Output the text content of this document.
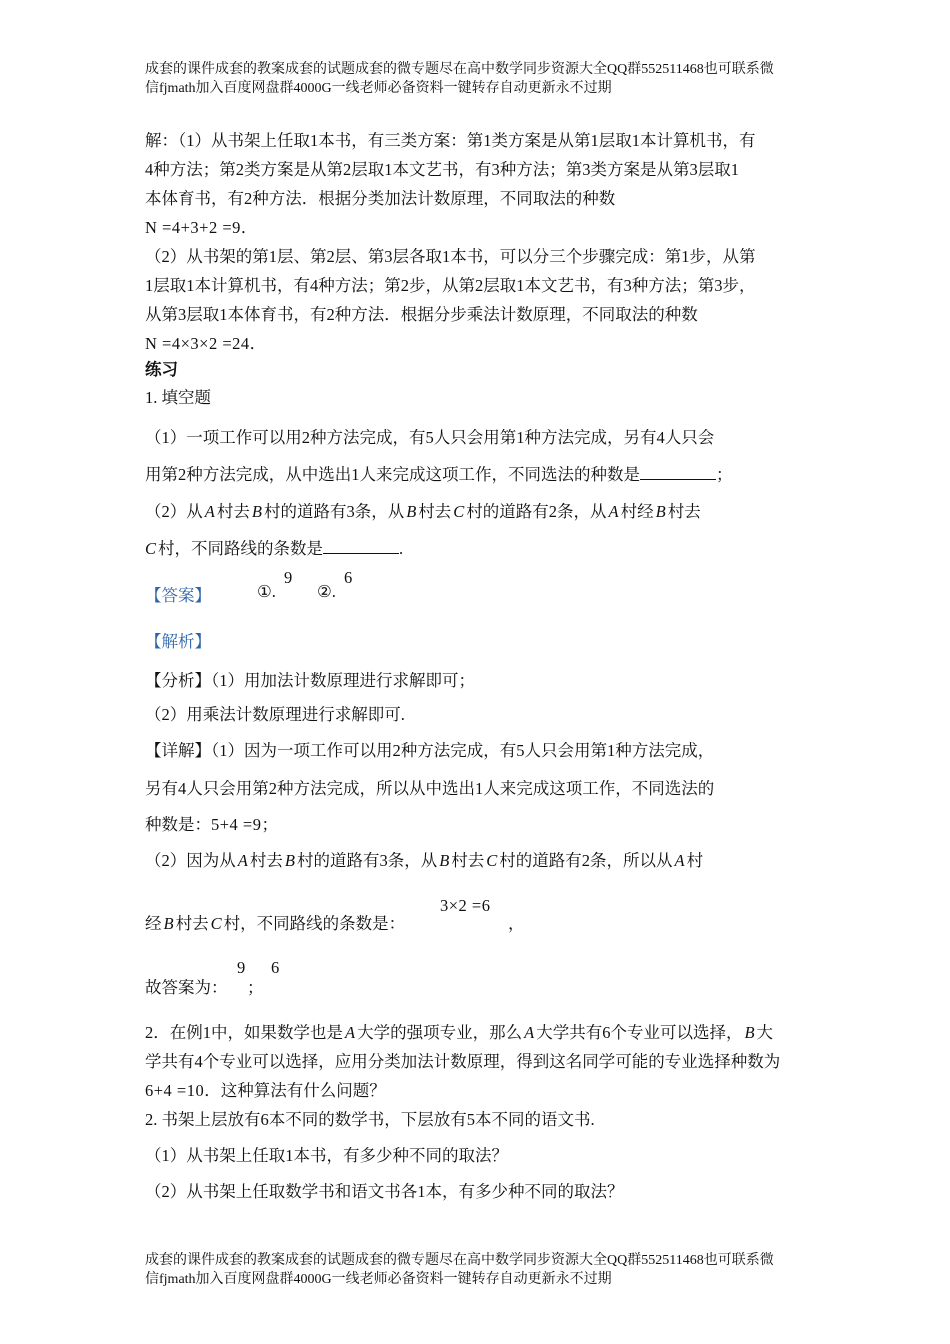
成套的课件成套的教案成套的试题成套的微专题尽在高中数学同步资源大全QQ群552511468也可联系微
信fjmath加入百度网盘群4000G一线老师必备资料一键转存自动更新永不过期
解：（1）从书架上任取1本书，有三类方案：第1类方案是从第1层取1本计算机书，有
4种方法；第2类方案是从第2层取1本文艺书，有3种方法；第3类方案是从第3层取1
本体育书，有2种方法．根据分类加法计数原理，不同取法的种数
N =4+3+2 =9．
（2）从书架的第1层、第2层、第3层各取1本书，可以分三个步骤完成：第1步，从第
1层取1本计算机书，有4种方法；第2步，从第2层取1本文艺书，有3种方法；第3步，
从第3层取1本体育书，有2种方法．根据分步乘法计数原理，不同取法的种数
N =4×3×2 =24．
练习
1. 填空题
（1）一项工作可以用2种方法完成，有5人只会用第1种方法完成，另有4人只会
用第2种方法完成，从中选出1人来完成这项工作，不同选法的种数是	；
（2）从 A 村去 B 村的道路有3条，从 B 村去 C 村的道路有2条，从 A 村经 B 村去
C 村，不同路线的条数是	.
【答案】	①.
9
②.
6
【解析】
【分析】（1）用加法计数原理进行求解即可；
（2）用乘法计数原理进行求解即可.
【详解】（1）因为一项工作可以用2种方法完成，有5人只会用第1种方法完成，
另有4人只会用第2种方法完成，所以从中选出1人来完成这项工作，不同选法的
种数是：5+4 =9；
（2）因为从 A 村去 B 村的道路有3条，从 B 村去 C 村的道路有2条，所以从 A 村
经 B 村去 C 村，不同路线的条数是：
3×2 =6
，
故答案为：
9
；
6
2．在例1中，如果数学也是 A 大学的强项专业，那么 A 大学共有6个专业可以选择， B 大
学共有4个专业可以选择，应用分类加法计数原理，得到这名同学可能的专业选择种数为
6+4 =10．这种算法有什么问题？
2. 书架上层放有6本不同的数学书，下层放有5本不同的语文书.
（1）从书架上任取1本书，有多少种不同的取法？
（2）从书架上任取数学书和语文书各1本，有多少种不同的取法？
成套的课件成套的教案成套的试题成套的微专题尽在高中数学同步资源大全QQ群552511468也可联系微
信fjmath加入百度网盘群4000G一线老师必备资料一键转存自动更新永不过期
